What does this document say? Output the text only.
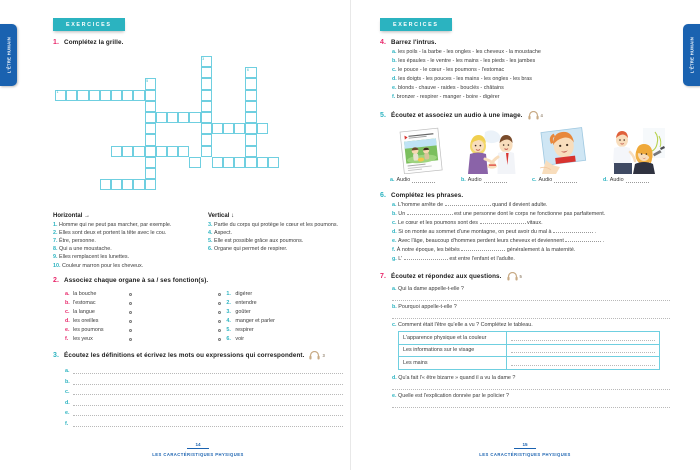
L'ÊTRE HUMAIN	L'ÊTRE HUMAIN
EXERCICES
1. Complétez la grille.
1
5
3
6
Horizontal →
1. Homme qui ne peut pas marcher, par exemple.
2. Elles sont deux et portent la tête avec le cou.
7. Être, personne.
8. Qui a une moustache.
9. Elles remplacent les lunettes.
10. Couleur marron pour les cheveux.
Vertical ↓
3. Partie du corps qui protège le cœur et les poumons.
4. Aspect.
5. Elle est possible grâce aux poumons.
6. Organe qui permet de respirer.
2. Associez chaque organe à sa / ses fonction(s).
a. la bouche	1. digérer
b. l'estomac	2. entendre
c. la langue	3. goûter
d. les oreilles	4. manger et parler
e. les poumons	5. respirer
f. les yeux	6. voir
3. Écoutez les définitions et écrivez les mots ou expressions qui correspondent.	3
a.
b.
c.
d.
e.
f.
14
LES CARACTÉRISTIQUES PHYSIQUES
EXERCICES
4. Barrez l'intrus.
a. les poils - la barbe - les ongles - les cheveux - la moustache
b. les épaules - le ventre - les mains - les pieds - les jambes
c. le pouce - le cœur - les poumons - l'estomac
d. les doigts - les pouces - les mains - les ongles - les bras
e. blonds - chauve - raides - bouclés - châtains
f. bronzer - respirer - manger - boire - digérer
5. Écoutez et associez un audio à une image.	4
a. Audio	b. Audio	c. Audio	d. Audio
6. Complétez les phrases.
a. L'homme arrête de	quand il devient adulte.
b. Un	est une personne dont le corps ne fonctionne pas parfaitement.
c. Le cœur et les poumons sont des	vitaux.
d. Si on monte au sommet d'une montagne, on peut avoir du mal à	.
e. Avec l'âge, beaucoup d'hommes perdent leurs cheveux et deviennent	.
f. À notre époque, les bébés	généralement à la maternité.
g. L'	est entre l'enfant et l'adulte.
7. Écoutez et répondez aux questions.	5
a. Qui la dame appelle-t-elle ?
b. Pourquoi appelle-t-elle ?
c. Comment était l'être qu'elle a vu ? Complétez le tableau.
L'apparence physique et la couleur	

Les informations sur le visage	

Les mains	
d. Qu'a fait l'« être bizarre » quand il a vu la dame ?
e. Quelle est l'explication donnée par le policier ?
15
LES CARACTÉRISTIQUES PHYSIQUES
